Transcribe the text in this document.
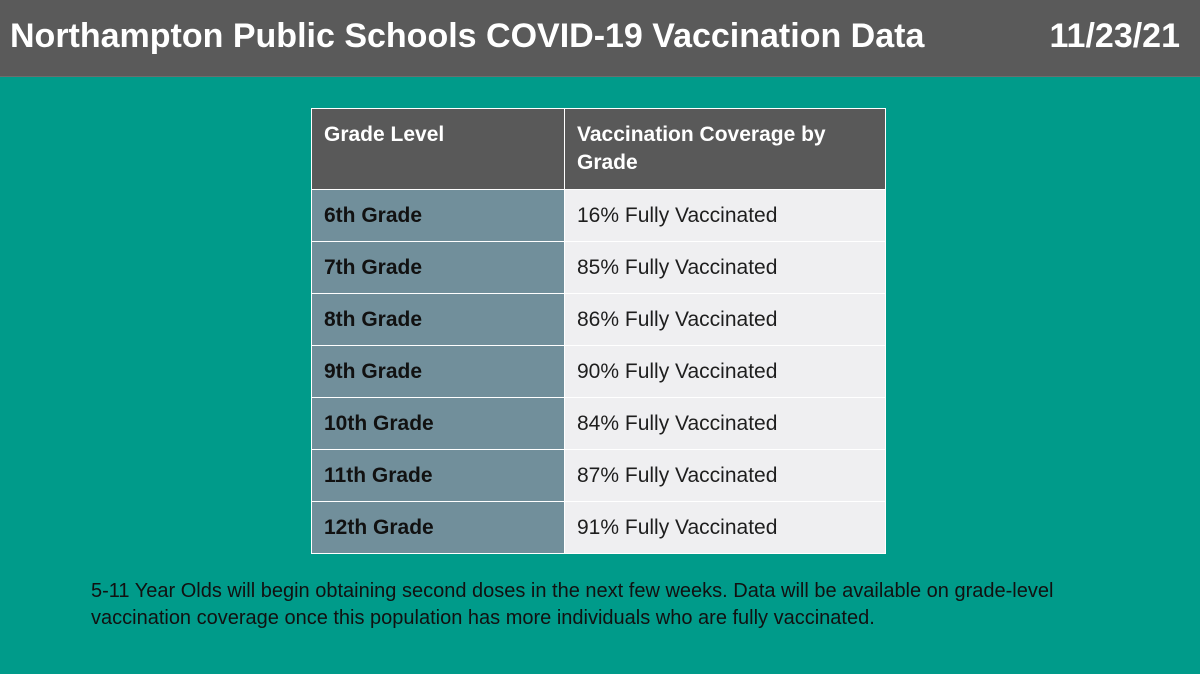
Northampton Public Schools COVID-19 Vaccination Data	11/23/21
Grade Level	Vaccination Coverage by Grade
6th Grade	16% Fully Vaccinated
7th Grade	85% Fully Vaccinated
8th Grade	86% Fully Vaccinated
9th Grade	90% Fully Vaccinated
10th Grade	84% Fully Vaccinated
11th Grade	87% Fully Vaccinated
12th Grade	91% Fully Vaccinated
5-11 Year Olds will begin obtaining second doses in the next few weeks. Data will be available on grade-level vaccination coverage once this population has more individuals who are fully vaccinated.
